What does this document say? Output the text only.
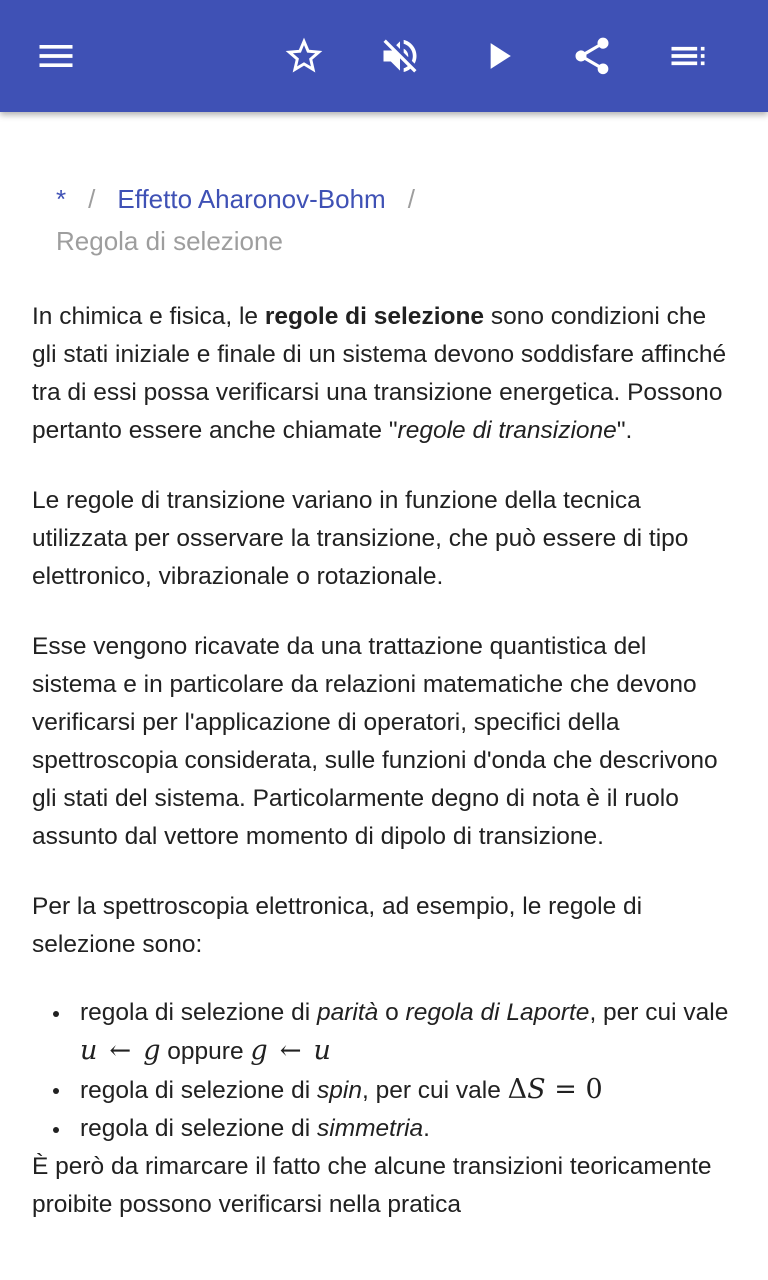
* / Effetto Aharonov-Bohm /
Regola di selezione

In chimica e fisica, le regole di selezione sono condizioni che gli stati iniziale e finale di un sistema devono soddisfare affinché tra di essi possa verificarsi una transizione energetica. Possono pertanto essere anche chiamate "regole di transizione".

Le regole di transizione variano in funzione della tecnica utilizzata per osservare la transizione, che può essere di tipo elettronico, vibrazionale o rotazionale.

Esse vengono ricavate da una trattazione quantistica del sistema e in particolare da relazioni matematiche che devono verificarsi per l'applicazione di operatori, specifici della spettroscopia considerata, sulle funzioni d'onda che descrivono gli stati del sistema. Particolarmente degno di nota è il ruolo assunto dal vettore momento di dipolo di transizione.

Per la spettroscopia elettronica, ad esempio, le regole di selezione sono:

regola di selezione di parità o regola di Laporte, per cui vale u ← g oppure g ← u
regola di selezione di spin, per cui vale ΔS = 0
regola di selezione di simmetria.

È però da rimarcare il fatto che alcune transizioni teoricamente proibite possono verificarsi nella pratica
